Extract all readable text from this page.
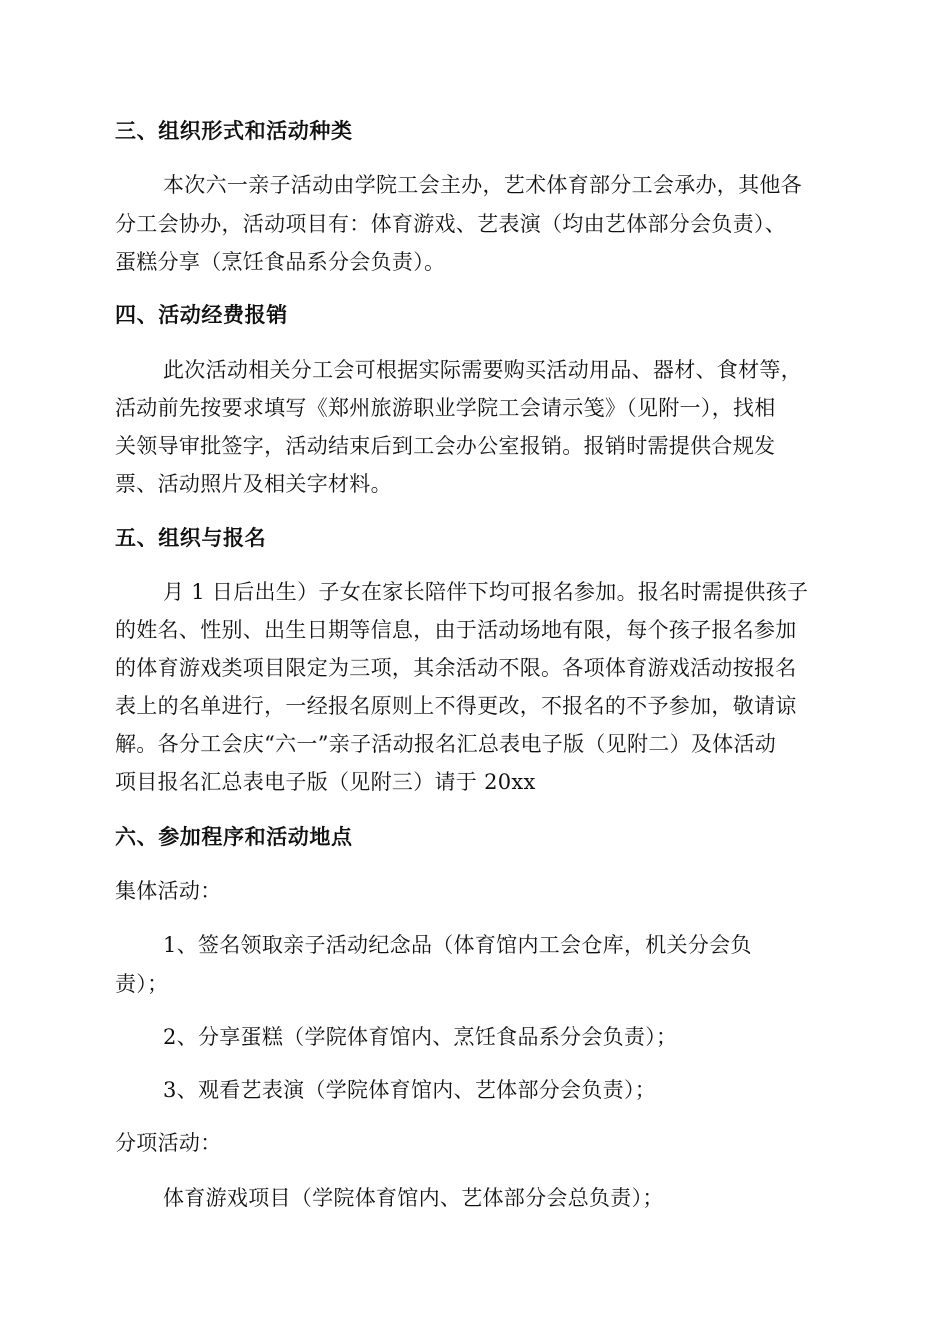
三、组织形式和活动种类
本次六一亲子活动由学院工会主办，艺术体育部分工会承办，其他各
分工会协办，活动项目有：体育游戏、艺表演（均由艺体部分会负责）、
蛋糕分享（烹饪食品系分会负责）。
四、活动经费报销
此次活动相关分工会可根据实际需要购买活动用品、器材、食材等，
活动前先按要求填写《郑州旅游职业学院工会请示笺》（见附一），找相
关领导审批签字，活动结束后到工会办公室报销。报销时需提供合规发
票、活动照片及相关字材料。
五、组织与报名
月 1 日后出生）子女在家长陪伴下均可报名参加。报名时需提供孩子
的姓名、性别、出生日期等信息，由于活动场地有限，每个孩子报名参加
的体育游戏类项目限定为三项，其余活动不限。各项体育游戏活动按报名
表上的名单进行，一经报名原则上不得更改，不报名的不予参加，敬请谅
解。各分工会庆“六一”亲子活动报名汇总表电子版（见附二）及体活动
项目报名汇总表电子版（见附三）请于 20xx
六、参加程序和活动地点
集体活动：
1、签名领取亲子活动纪念品（体育馆内工会仓库，机关分会负
责）；
2、分享蛋糕（学院体育馆内、烹饪食品系分会负责）；
3、观看艺表演（学院体育馆内、艺体部分会负责）；
分项活动：
体育游戏项目（学院体育馆内、艺体部分会总负责）；
